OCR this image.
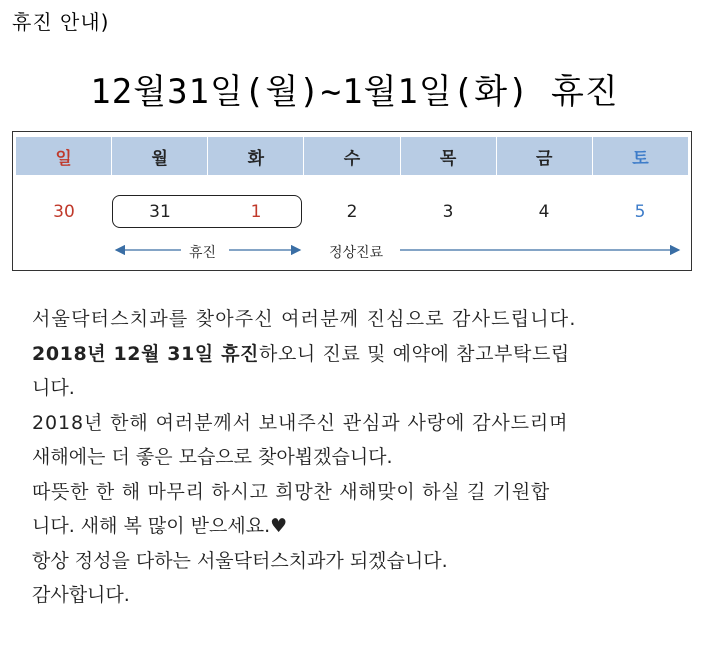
휴진 안내)
12월31일(월)~1월1일(화) 휴진
일	월	화	수	목	금	토
30	31	1	2	3	4	5
휴진	정상진료
서울닥터스치과를 찾아주신 여러분께 진심으로 감사드립니다.
2018년 12월 31일 휴진하오니 진료 및 예약에 참고부탁드립
니다.
2018년 한해 여러분께서 보내주신 관심과 사랑에 감사드리며
새해에는 더 좋은 모습으로 찾아뵙겠습니다.
따뜻한 한 해 마무리 하시고 희망찬 새해맞이 하실 길 기원합
니다. 새해 복 많이 받으세요.♥
항상 정성을 다하는 서울닥터스치과가 되겠습니다.
감사합니다.
